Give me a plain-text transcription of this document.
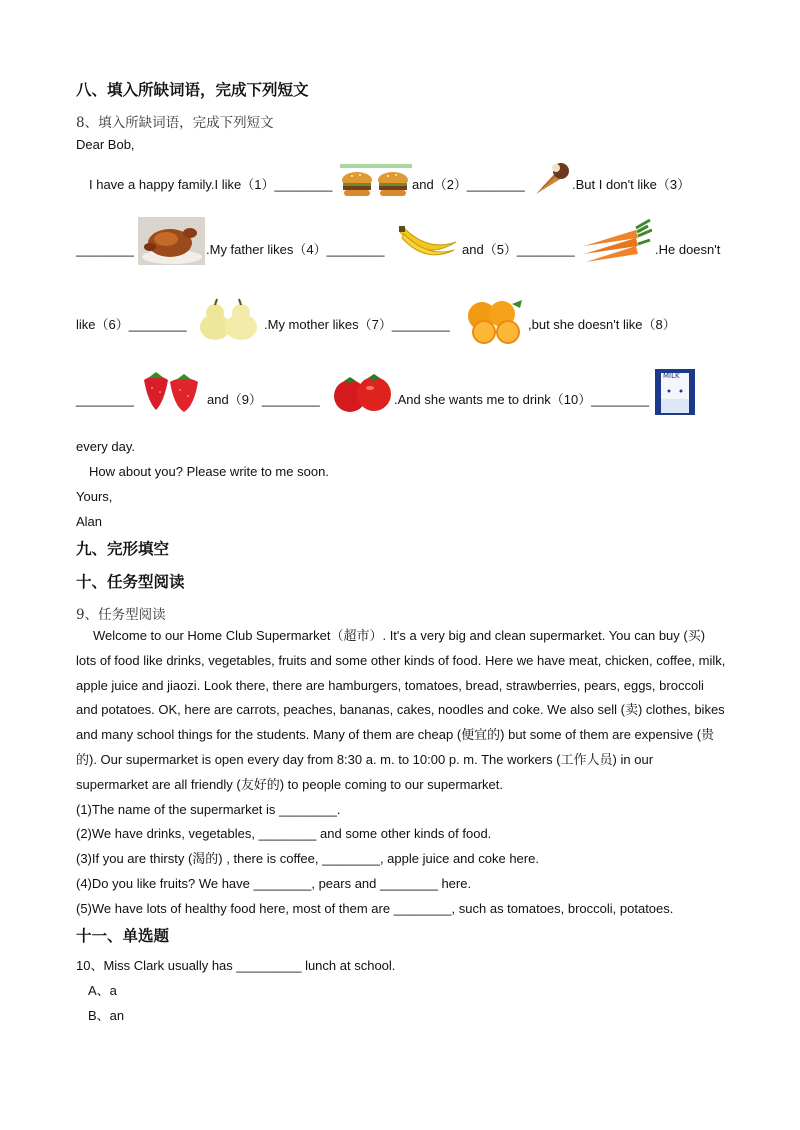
八、填入所缺词语，完成下列短文
8、填入所缺词语，完成下列短文
Dear Bob,
I have a happy family.I like（1）________	and（2）________	.But I don't like（3）
________	.My father likes（4）________	and（5）________	.He doesn't
like（6）________	.My mother likes（7）________	,but she doesn't like（8）
________	and（9）________	.And she wants me to drink（10）________
MILK
every day.
How about you? Please write to me soon.
Yours,
Alan
九、完形填空
十、任务型阅读
9、任务型阅读

Welcome to our Home Club Supermarket（超市）. It's a very big and clean supermarket. You can buy (买) lots of food like drinks, vegetables, fruits and some other kinds of food. Here we have meat, chicken, coffee, milk, apple juice and jiaozi. Look there, there are hamburgers, tomatoes, bread, strawberries, pears, eggs, broccoli and potatoes. OK, here are carrots, peaches, bananas, cakes, noodles and coke. We also sell (卖) clothes, bikes and many school things for the students. Many of them are cheap (便宜的) but some of them are expensive (贵的). Our supermarket is open every day from 8:30 a. m. to 10:00 p. m. The workers (工作人员) in our supermarket are all friendly (友好的) to people coming to our supermarket.

(1)The name of the supermarket is ________.

(2)We have drinks, vegetables, ________ and some other kinds of food.

(3)If you are thirsty (渴的) , there is coffee, ________, apple juice and coke here.

(4)Do you like fruits? We have ________, pears and ________ here.

(5)We have lots of healthy food here, most of them are ________, such as tomatoes, broccoli, potatoes.

十一、单选题
10、Miss Clark usually has _________ lunch at school.
A、a
B、an
